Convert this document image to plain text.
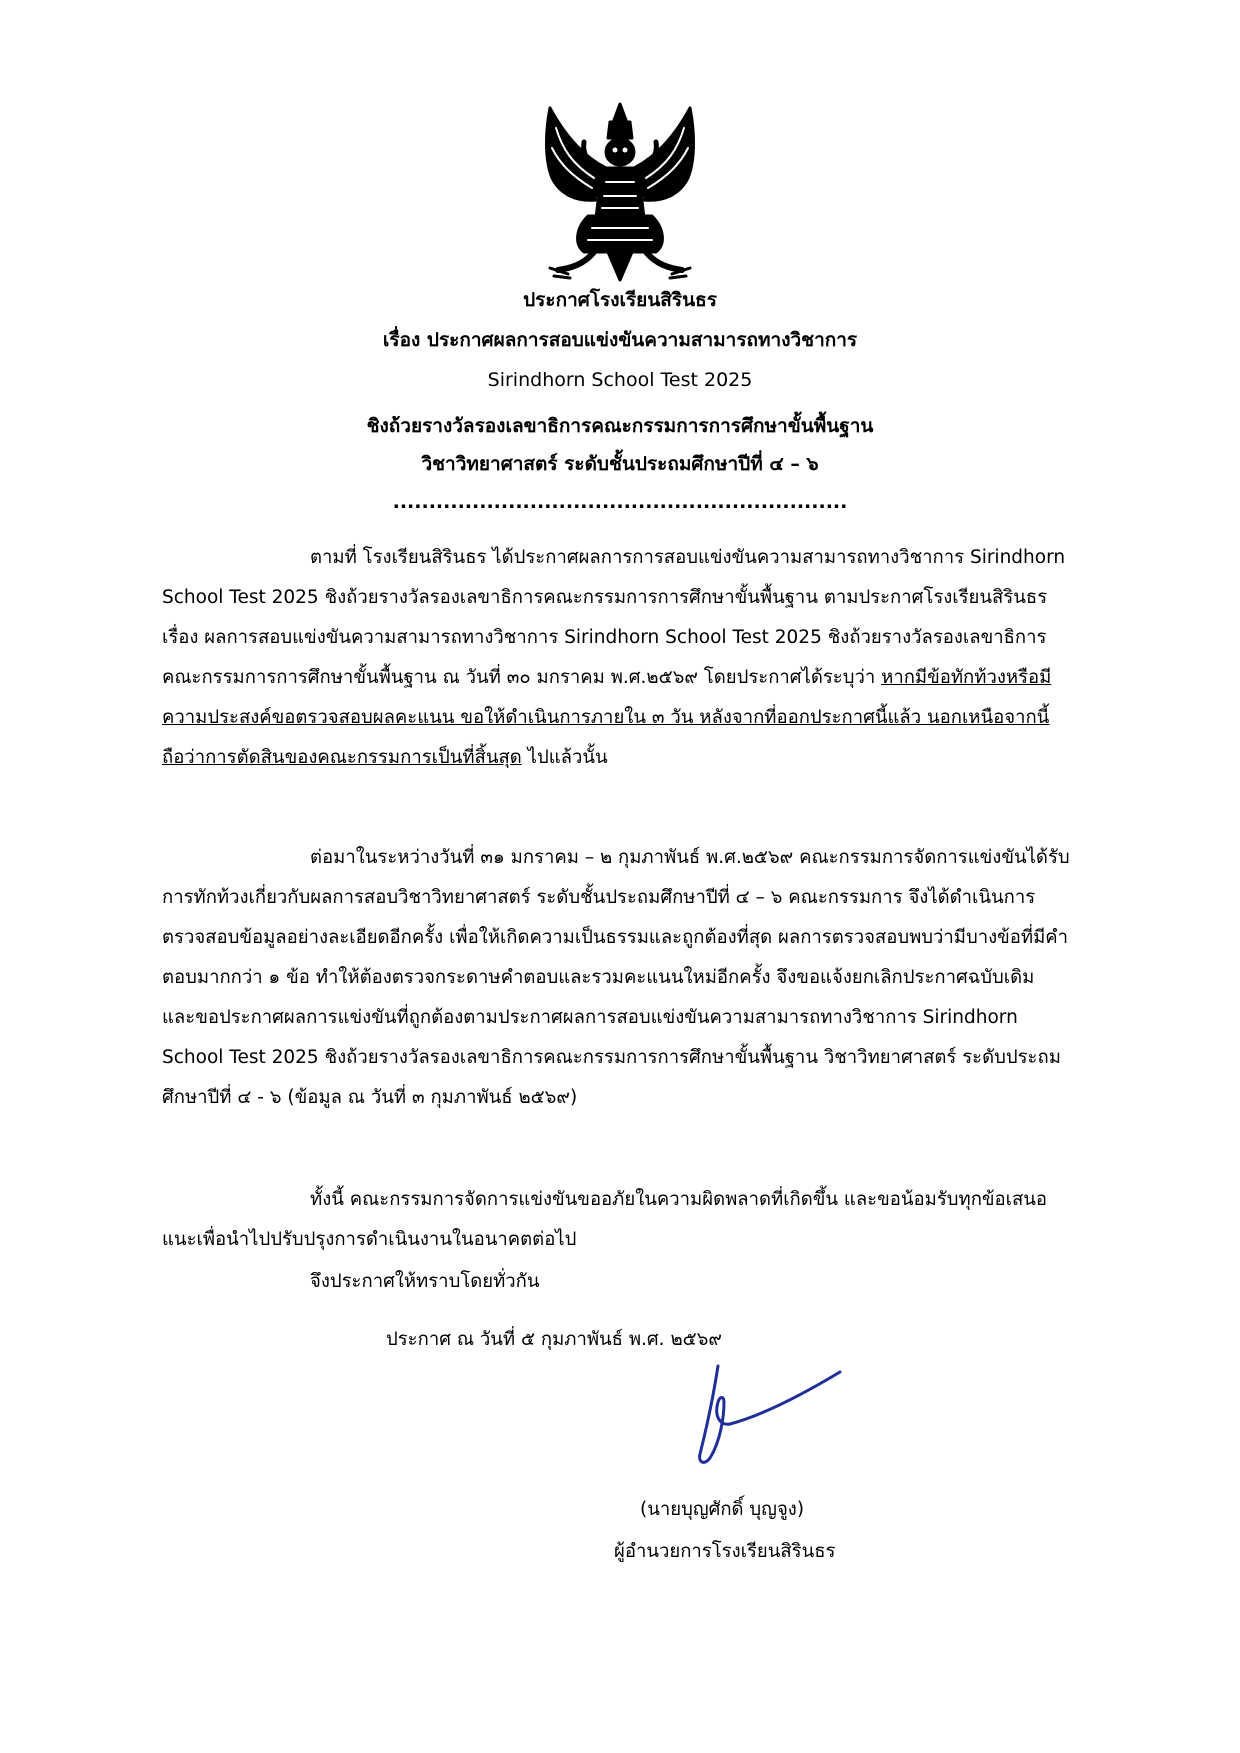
ประกาศโรงเรียนสิรินธร
เรื่อง ประกาศผลการสอบแข่งขันความสามารถทางวิชาการ
Sirindhorn School Test 2025
ชิงถ้วยรางวัลรองเลขาธิการคณะกรรมการการศึกษาขั้นพื้นฐาน
วิชาวิทยาศาสตร์ ระดับชั้นประถมศึกษาปีที่ ๔ – ๖
...............................................................

ตามที่ โรงเรียนสิรินธร ได้ประกาศผลการการสอบแข่งขันความสามารถทางวิชาการ Sirindhorn School Test 2025 ชิงถ้วยรางวัลรองเลขาธิการคณะกรรมการการศึกษาขั้นพื้นฐาน ตามประกาศโรงเรียนสิรินธร เรื่อง ผลการสอบแข่งขันความสามารถทางวิชาการ Sirindhorn School Test 2025 ชิงถ้วยรางวัลรองเลขาธิการคณะกรรมการการศึกษาขั้นพื้นฐาน ณ วันที่ ๓๐ มกราคม พ.ศ.๒๕๖๙ โดยประกาศได้ระบุว่า หากมีข้อทักท้วงหรือมีความประสงค์ขอตรวจสอบผลคะแนน ขอให้ดำเนินการภายใน ๓ วัน หลังจากที่ออกประกาศนี้แล้ว นอกเหนือจากนี้ถือว่าการตัดสินของคณะกรรมการเป็นที่สิ้นสุด ไปแล้วนั้น

ต่อมาในระหว่างวันที่ ๓๑ มกราคม – ๒ กุมภาพันธ์ พ.ศ.๒๕๖๙ คณะกรรมการจัดการแข่งขันได้รับการทักท้วงเกี่ยวกับผลการสอบวิชาวิทยาศาสตร์ ระดับชั้นประถมศึกษาปีที่ ๔ – ๖ คณะกรรมการ จึงได้ดำเนินการตรวจสอบข้อมูลอย่างละเอียดอีกครั้ง เพื่อให้เกิดความเป็นธรรมและถูกต้องที่สุด ผลการตรวจสอบพบว่ามีบางข้อที่มีคำตอบมากกว่า ๑ ข้อ ทำให้ต้องตรวจกระดาษคำตอบและรวมคะแนนใหม่อีกครั้ง จึงขอแจ้งยกเลิกประกาศฉบับเดิม และขอประกาศผลการแข่งขันที่ถูกต้องตามประกาศผลการสอบแข่งขันความสามารถทางวิชาการ Sirindhorn School Test 2025 ชิงถ้วยรางวัลรองเลขาธิการคณะกรรมการการศึกษาขั้นพื้นฐาน วิชาวิทยาศาสตร์ ระดับประถมศึกษาปีที่ ๔ - ๖ (ข้อมูล ณ วันที่ ๓ กุมภาพันธ์ ๒๕๖๙)

ทั้งนี้ คณะกรรมการจัดการแข่งขันขออภัยในความผิดพลาดที่เกิดขึ้น และขอน้อมรับทุกข้อเสนอแนะเพื่อนำไปปรับปรุงการดำเนินงานในอนาคตต่อไป

จึงประกาศให้ทราบโดยทั่วกัน
ประกาศ ณ วันที่ ๕ กุมภาพันธ์ พ.ศ. ๒๕๖๙
(นายบุญศักดิ์ บุญจูง)
ผู้อำนวยการโรงเรียนสิรินธร
